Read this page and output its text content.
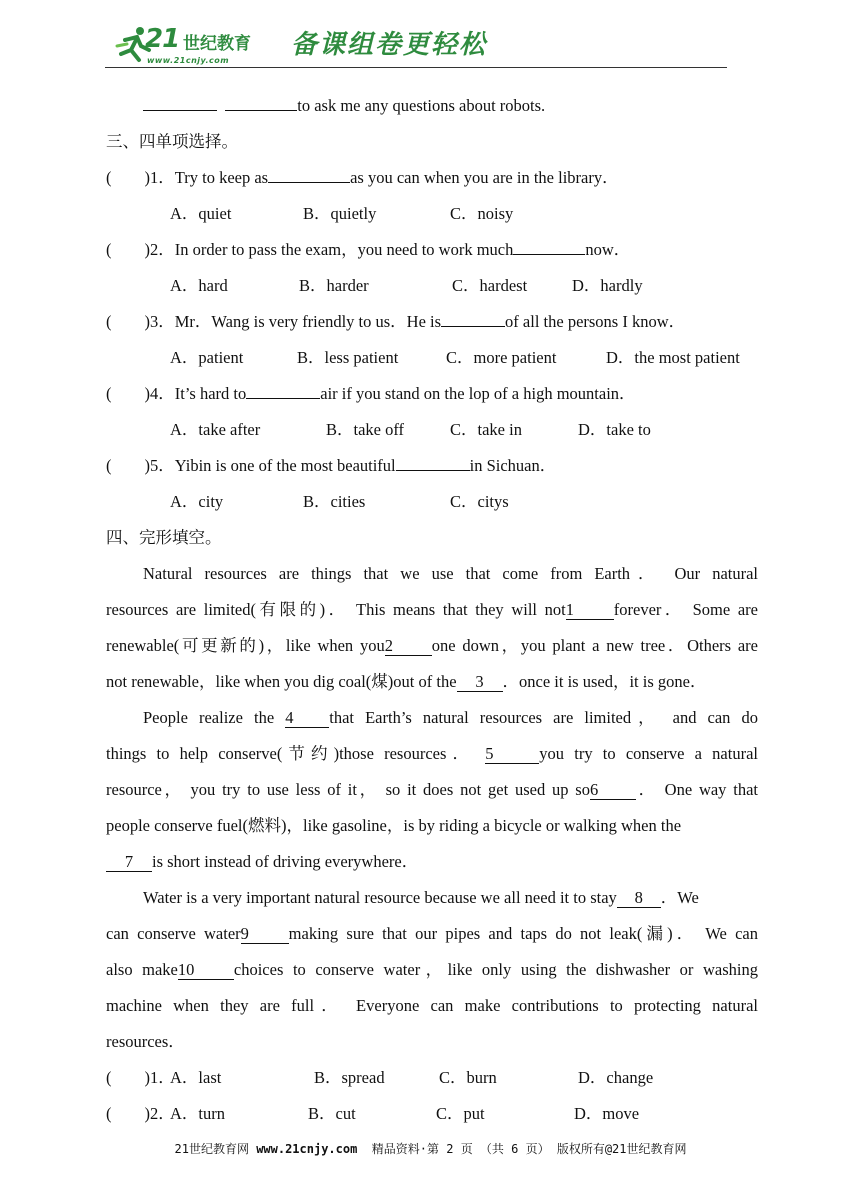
21 世纪教育
www.21cnjy.com
备课组卷更轻松
to ask me any questions about robots.
三、四单项选择。
(        )1．Try to keep as	as you can when you are in the library．
A．quiet	B．quietly	C．noisy
(        )2．In order to pass the exam，you need to work much	now．
A．hard	B．harder	C．hardest	D．hardly
(        )3．Mr．Wang is very friendly to us．He is	of all the persons I know．
A．patient	B．less patient	C．more patient	D．the most patient
(        )4．It’s hard to	air if you stand on the lop of a high mountain．
A．take after	B．take off	C．take in	D．take to
(        )5．Yibin is one of the most beautiful	in Sichuan．
A．city	B．cities	C．citys
四、完形填空。
Natural resources are things that we use that come from Earth． Our natural
resources are limited(有限的)． This means that they will not1 forever． Some are
renewable(可更新的)，like when you2 one down，you plant a new tree．Others are
not renewable，like when you dig coal(煤)out of the 3 ．once it is used，it is gone．
People realize the 4 that Earth’s natural resources are limited， and can do
things to help conserve(节约)those resources． 5	you try to conserve a natural
resource， you try to use less of it， so it does not get used up so6 ． One way that
people conserve fuel(燃料)，like gasoline，is by riding a bicycle or walking when the
7 is short instead of driving everywhere．
Water is a very important natural resource because we all need it to stay 8 ．We
can conserve water9 making sure that our pipes and taps do not leak(漏)． We can
also make10 choices to conserve water，like only using the dishwasher or washing
machine when they are full． Everyone can make contributions to protecting natural
resources．
(        )1．
A．last	B．spread	C．burn	D．change
(        )2．
A．turn	B．cut	C．put	D．move
21世纪教育网 www.21cnjy.com  精品资料·第 2 页 （共 6 页） 版权所有@21世纪教育网
